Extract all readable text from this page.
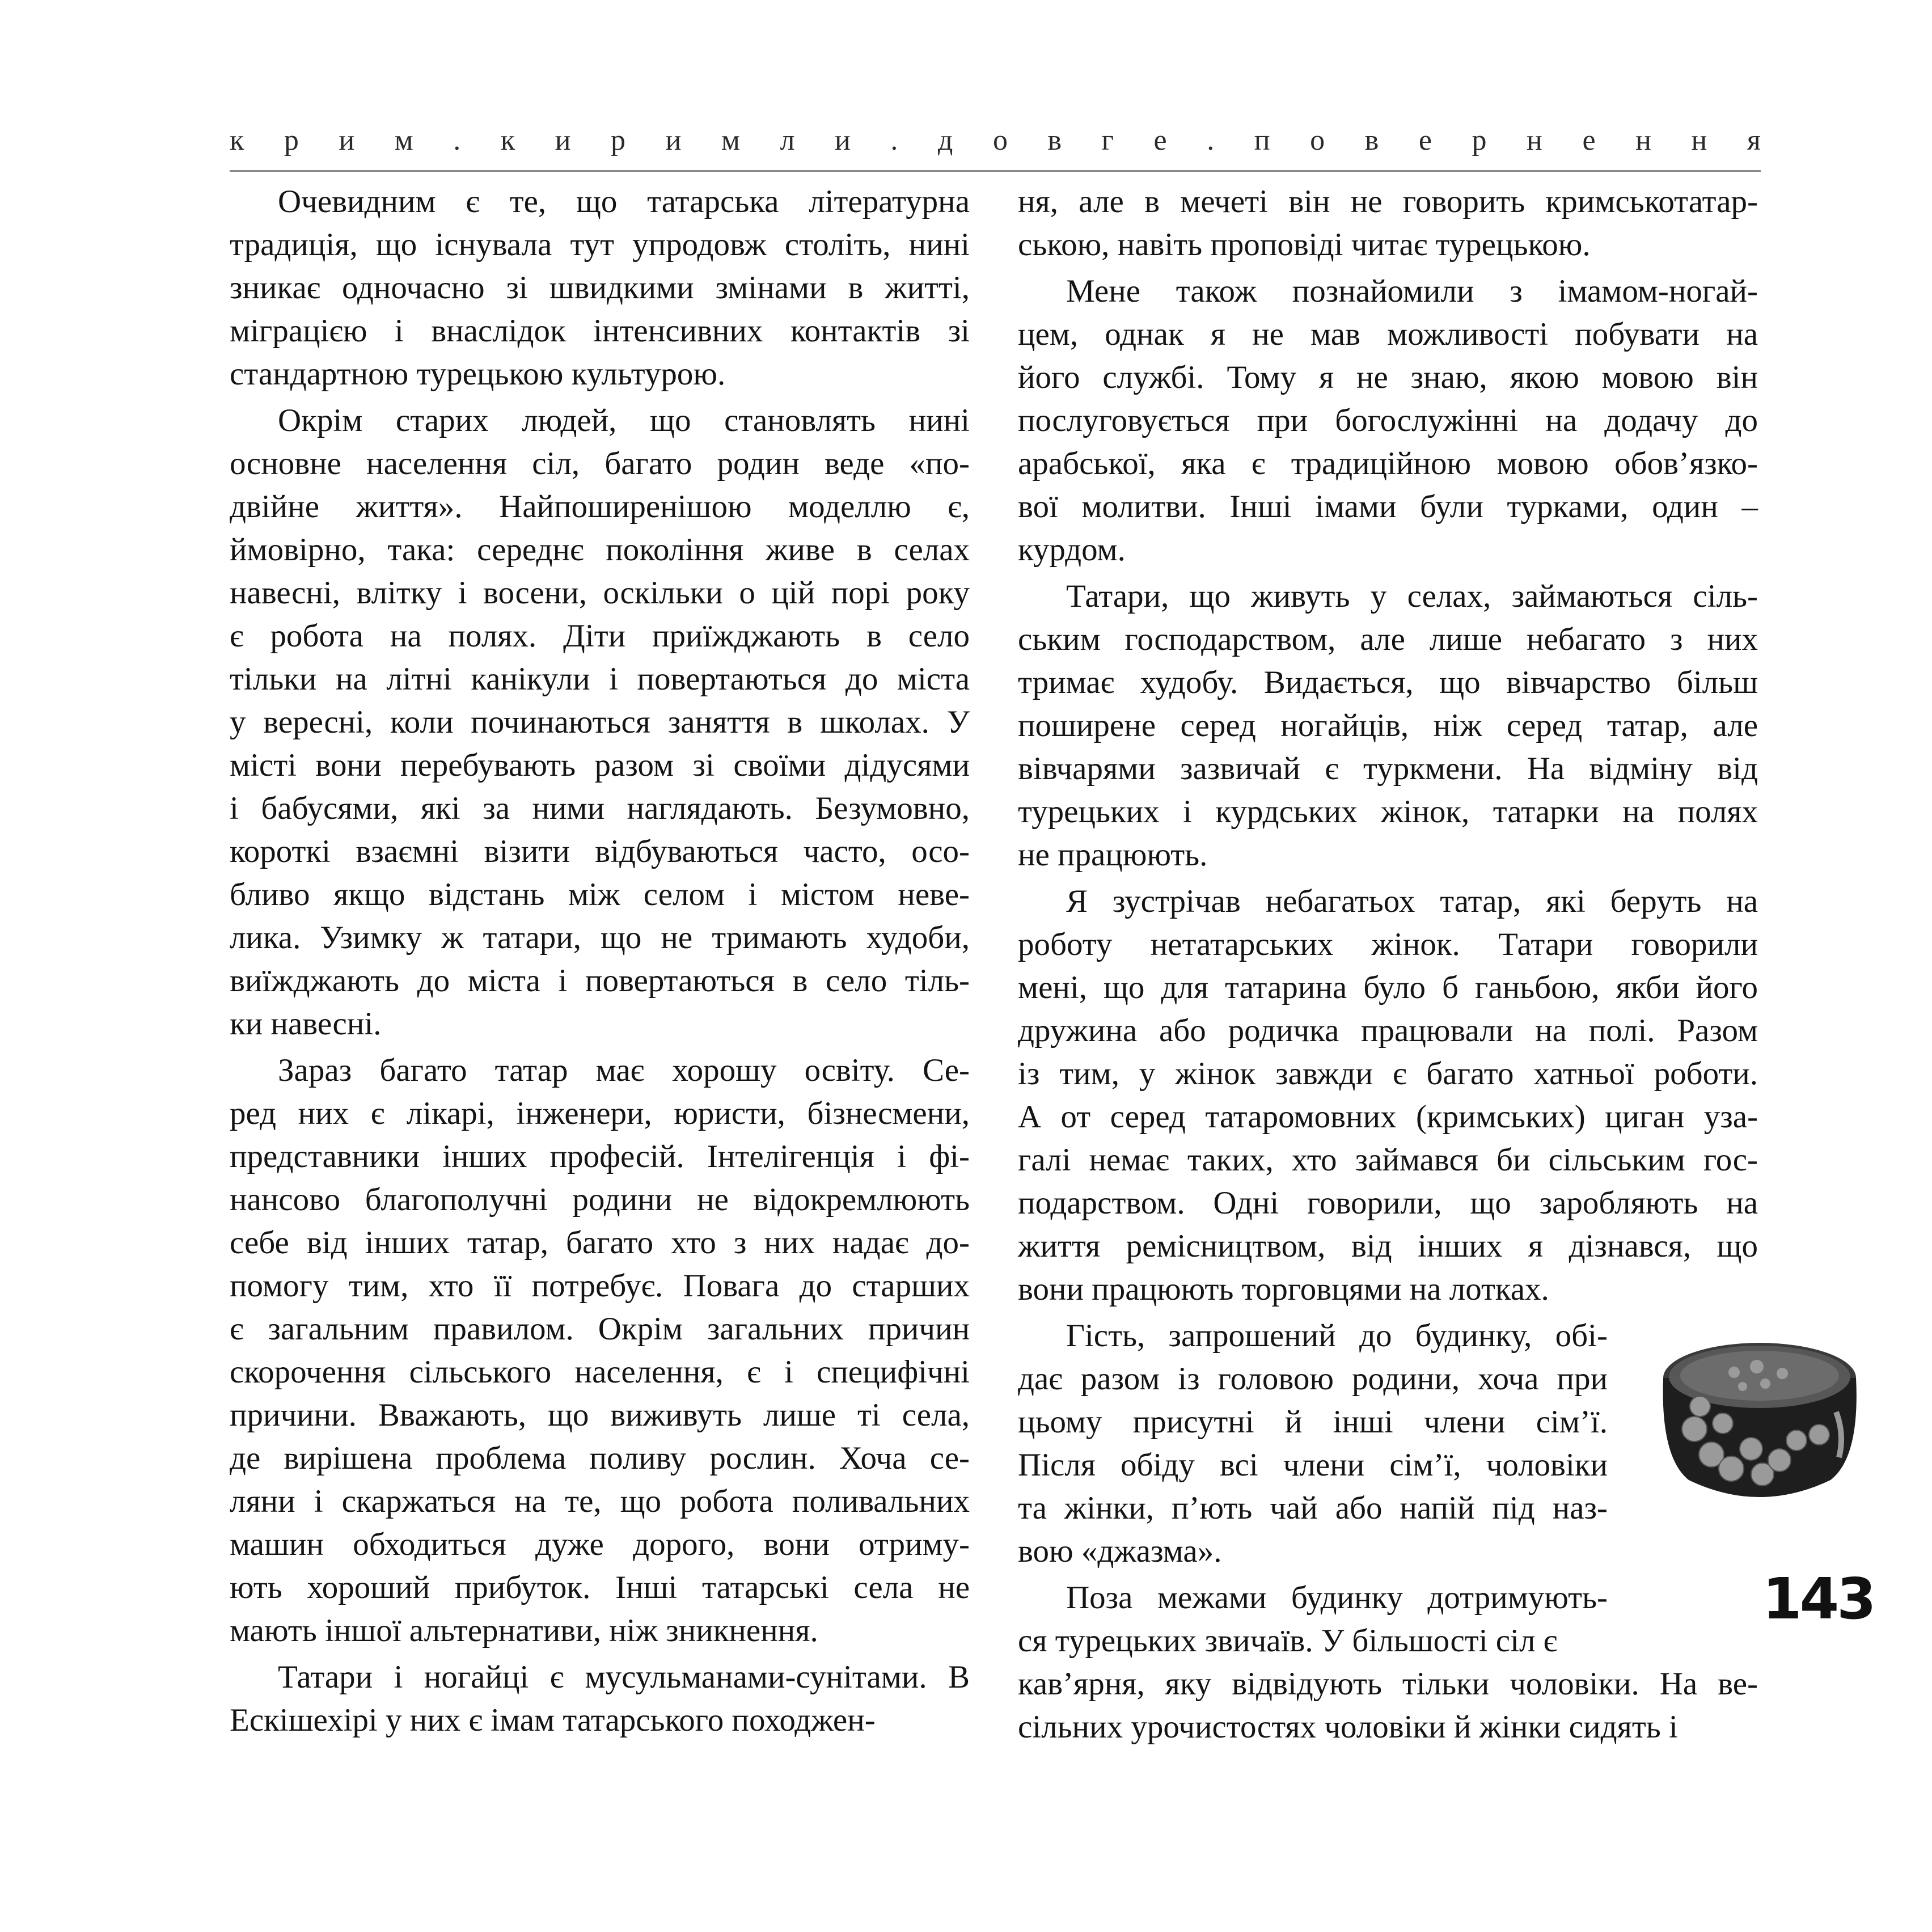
к р и м . к и р и м л и . д о в г е . п о в е р н е н н я

Очевидним є те, що татарська літературна
традиція, що існувала тут упродовж століть, нині
зникає одночасно зі швидкими змінами в житті,
міграцією і внаслідок інтенсивних контактів зі
стандартною турецькою культурою.

Окрім старих людей, що становлять нині
основне населення сіл, багато родин веде «по-
двійне життя». Найпоширенішою моделлю є,
ймовірно, така: середнє покоління живе в селах
навесні, влітку і восени, оскільки о цій порі року
є робота на полях. Діти приїжджають в село
тільки на літні канікули і повертаються до міста
у вересні, коли починаються заняття в школах. У
місті вони перебувають разом зі своїми дідусями
і бабусями, які за ними наглядають. Безумовно,
короткі взаємні візити відбуваються часто, осо-
бливо якщо відстань між селом і містом неве-
лика. Узимку ж татари, що не тримають худоби,
виїжджають до міста і повертаються в село тіль-
ки навесні.

Зараз багато татар має хорошу освіту. Се-
ред них є лікарі, інженери, юристи, бізнесмени,
представники інших професій. Інтелігенція і фі-
нансово благополучні родини не відокремлюють
себе від інших татар, багато хто з них надає до-
помогу тим, хто її потребує. Повага до старших
є загальним правилом. Окрім загальних причин
скорочення сільського населення, є і специфічні
причини. Вважають, що виживуть лише ті села,
де вирішена проблема поливу рослин. Хоча се-
ляни і скаржаться на те, що робота поливальних
машин обходиться дуже дорого, вони отриму-
ють хороший прибуток. Інші татарські села не
мають іншої альтернативи, ніж зникнення.

Татари і ногайці є мусульманами-сунітами. В
Ескішехірі у них є імам татарського походжен-

ня, але в мечеті він не говорить кримськотатар-
ською, навіть проповіді читає турецькою.

Мене також познайомили з імамом-ногай-
цем, однак я не мав можливості побувати на
його службі. Тому я не знаю, якою мовою він
послуговується при богослужінні на додачу до
арабської, яка є традиційною мовою обов’язко-
вої молитви. Інші імами були турками, один –
курдом.

Татари, що живуть у селах, займаються сіль-
ським господарством, але лише небагато з них
тримає худобу. Видається, що вівчарство більш
поширене серед ногайців, ніж серед татар, але
вівчарями зазвичай є туркмени. На відміну від
турецьких і курдських жінок, татарки на полях
не працюють.

Я зустрічав небагатьох татар, які беруть на
роботу нетатарських жінок. Татари говорили
мені, що для татарина було б ганьбою, якби його
дружина або родичка працювали на полі. Разом
із тим, у жінок завжди є багато хатньої роботи.
А от серед татаромовних (кримських) циган уза-
галі немає таких, хто займався би сільським гос-
подарством. Одні говорили, що заробляють на
життя ремісництвом, від інших я дізнався, що
вони працюють торговцями на лотках.

Гість, запрошений до будинку, обі-
дає разом із головою родини, хоча при
цьому присутні й інші члени сім’ї.
Після обіду всі члени сім’ї, чоловіки
та жінки, п’ють чай або напій під наз-
вою «джазма».

Поза межами будинку дотримують-
ся турецьких звичаїв. У більшості сіл є

кав’ярня, яку відвідують тільки чоловіки. На ве-
сільних урочистостях чоловіки й жінки сидять і

143
